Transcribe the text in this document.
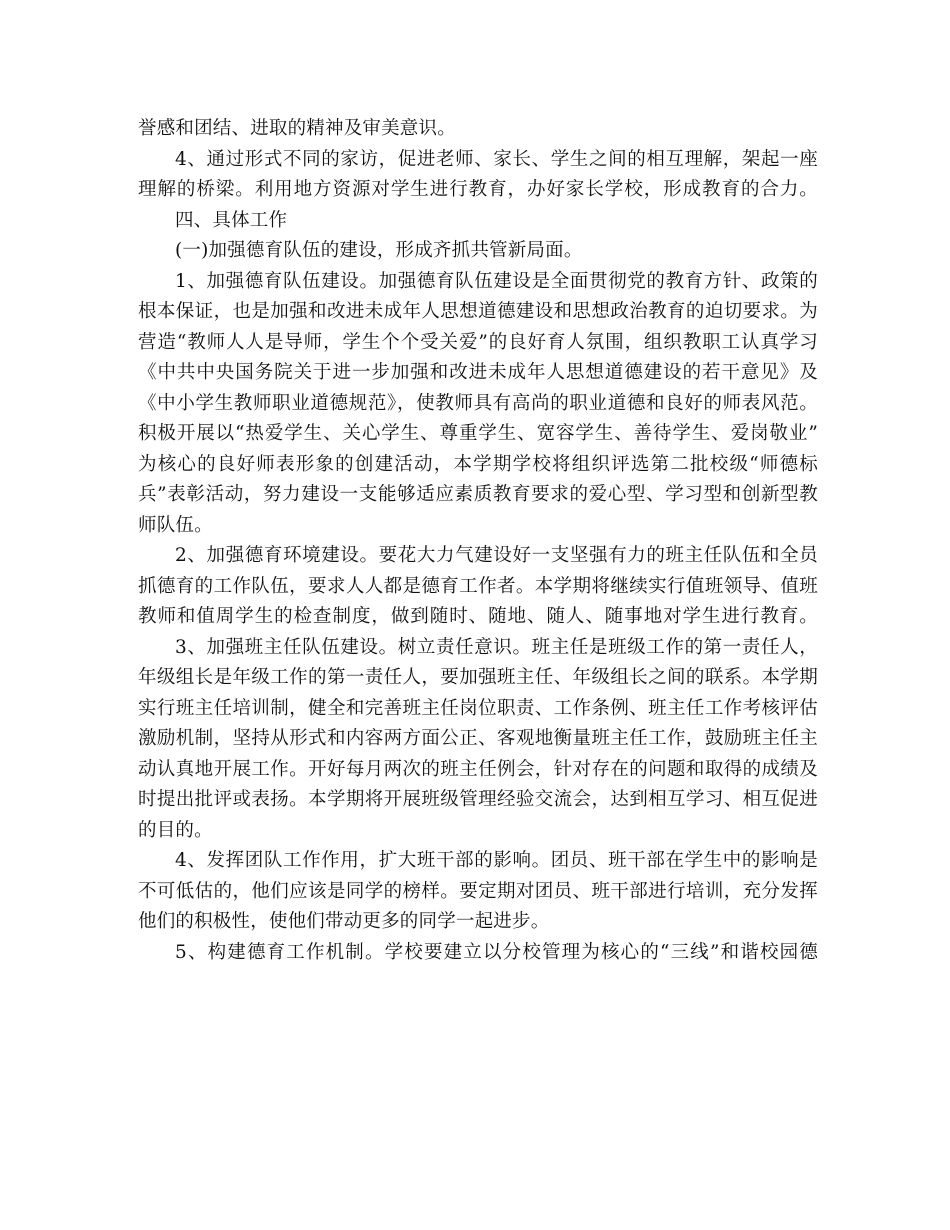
誉感和团结、进取的精神及审美意识。

4、通过形式不同的家访，促进老师、家长、学生之间的相互理解，架起一座

理解的桥梁。利用地方资源对学生进行教育，办好家长学校，形成教育的合力。

四、具体工作

(一)加强德育队伍的建设，形成齐抓共管新局面。

1、加强德育队伍建设。加强德育队伍建设是全面贯彻党的教育方针、政策的

根本保证，也是加强和改进未成年人思想道德建设和思想政治教育的迫切要求。为

营造“教师人人是导师，学生个个受关爱”的良好育人氛围，组织教职工认真学习

《中共中央国务院关于进一步加强和改进未成年人思想道德建设的若干意见》及

《中小学生教师职业道德规范》，使教师具有高尚的职业道德和良好的师表风范。

积极开展以“热爱学生、关心学生、尊重学生、宽容学生、善待学生、爱岗敬业”

为核心的良好师表形象的创建活动，本学期学校将组织评选第二批校级“师德标

兵”表彰活动，努力建设一支能够适应素质教育要求的爱心型、学习型和创新型教

师队伍。

2、加强德育环境建设。要花大力气建设好一支坚强有力的班主任队伍和全员

抓德育的工作队伍，要求人人都是德育工作者。本学期将继续实行值班领导、值班

教师和值周学生的检查制度，做到随时、随地、随人、随事地对学生进行教育。

3、加强班主任队伍建设。树立责任意识。班主任是班级工作的第一责任人，

年级组长是年级工作的第一责任人，要加强班主任、年级组长之间的联系。本学期

实行班主任培训制，健全和完善班主任岗位职责、工作条例、班主任工作考核评估

激励机制，坚持从形式和内容两方面公正、客观地衡量班主任工作，鼓励班主任主

动认真地开展工作。开好每月两次的班主任例会，针对存在的问题和取得的成绩及

时提出批评或表扬。本学期将开展班级管理经验交流会，达到相互学习、相互促进

的目的。

4、发挥团队工作作用，扩大班干部的影响。团员、班干部在学生中的影响是

不可低估的，他们应该是同学的榜样。要定期对团员、班干部进行培训，充分发挥

他们的积极性，使他们带动更多的同学一起进步。

5、构建德育工作机制。学校要建立以分校管理为核心的“三线”和谐校园德
